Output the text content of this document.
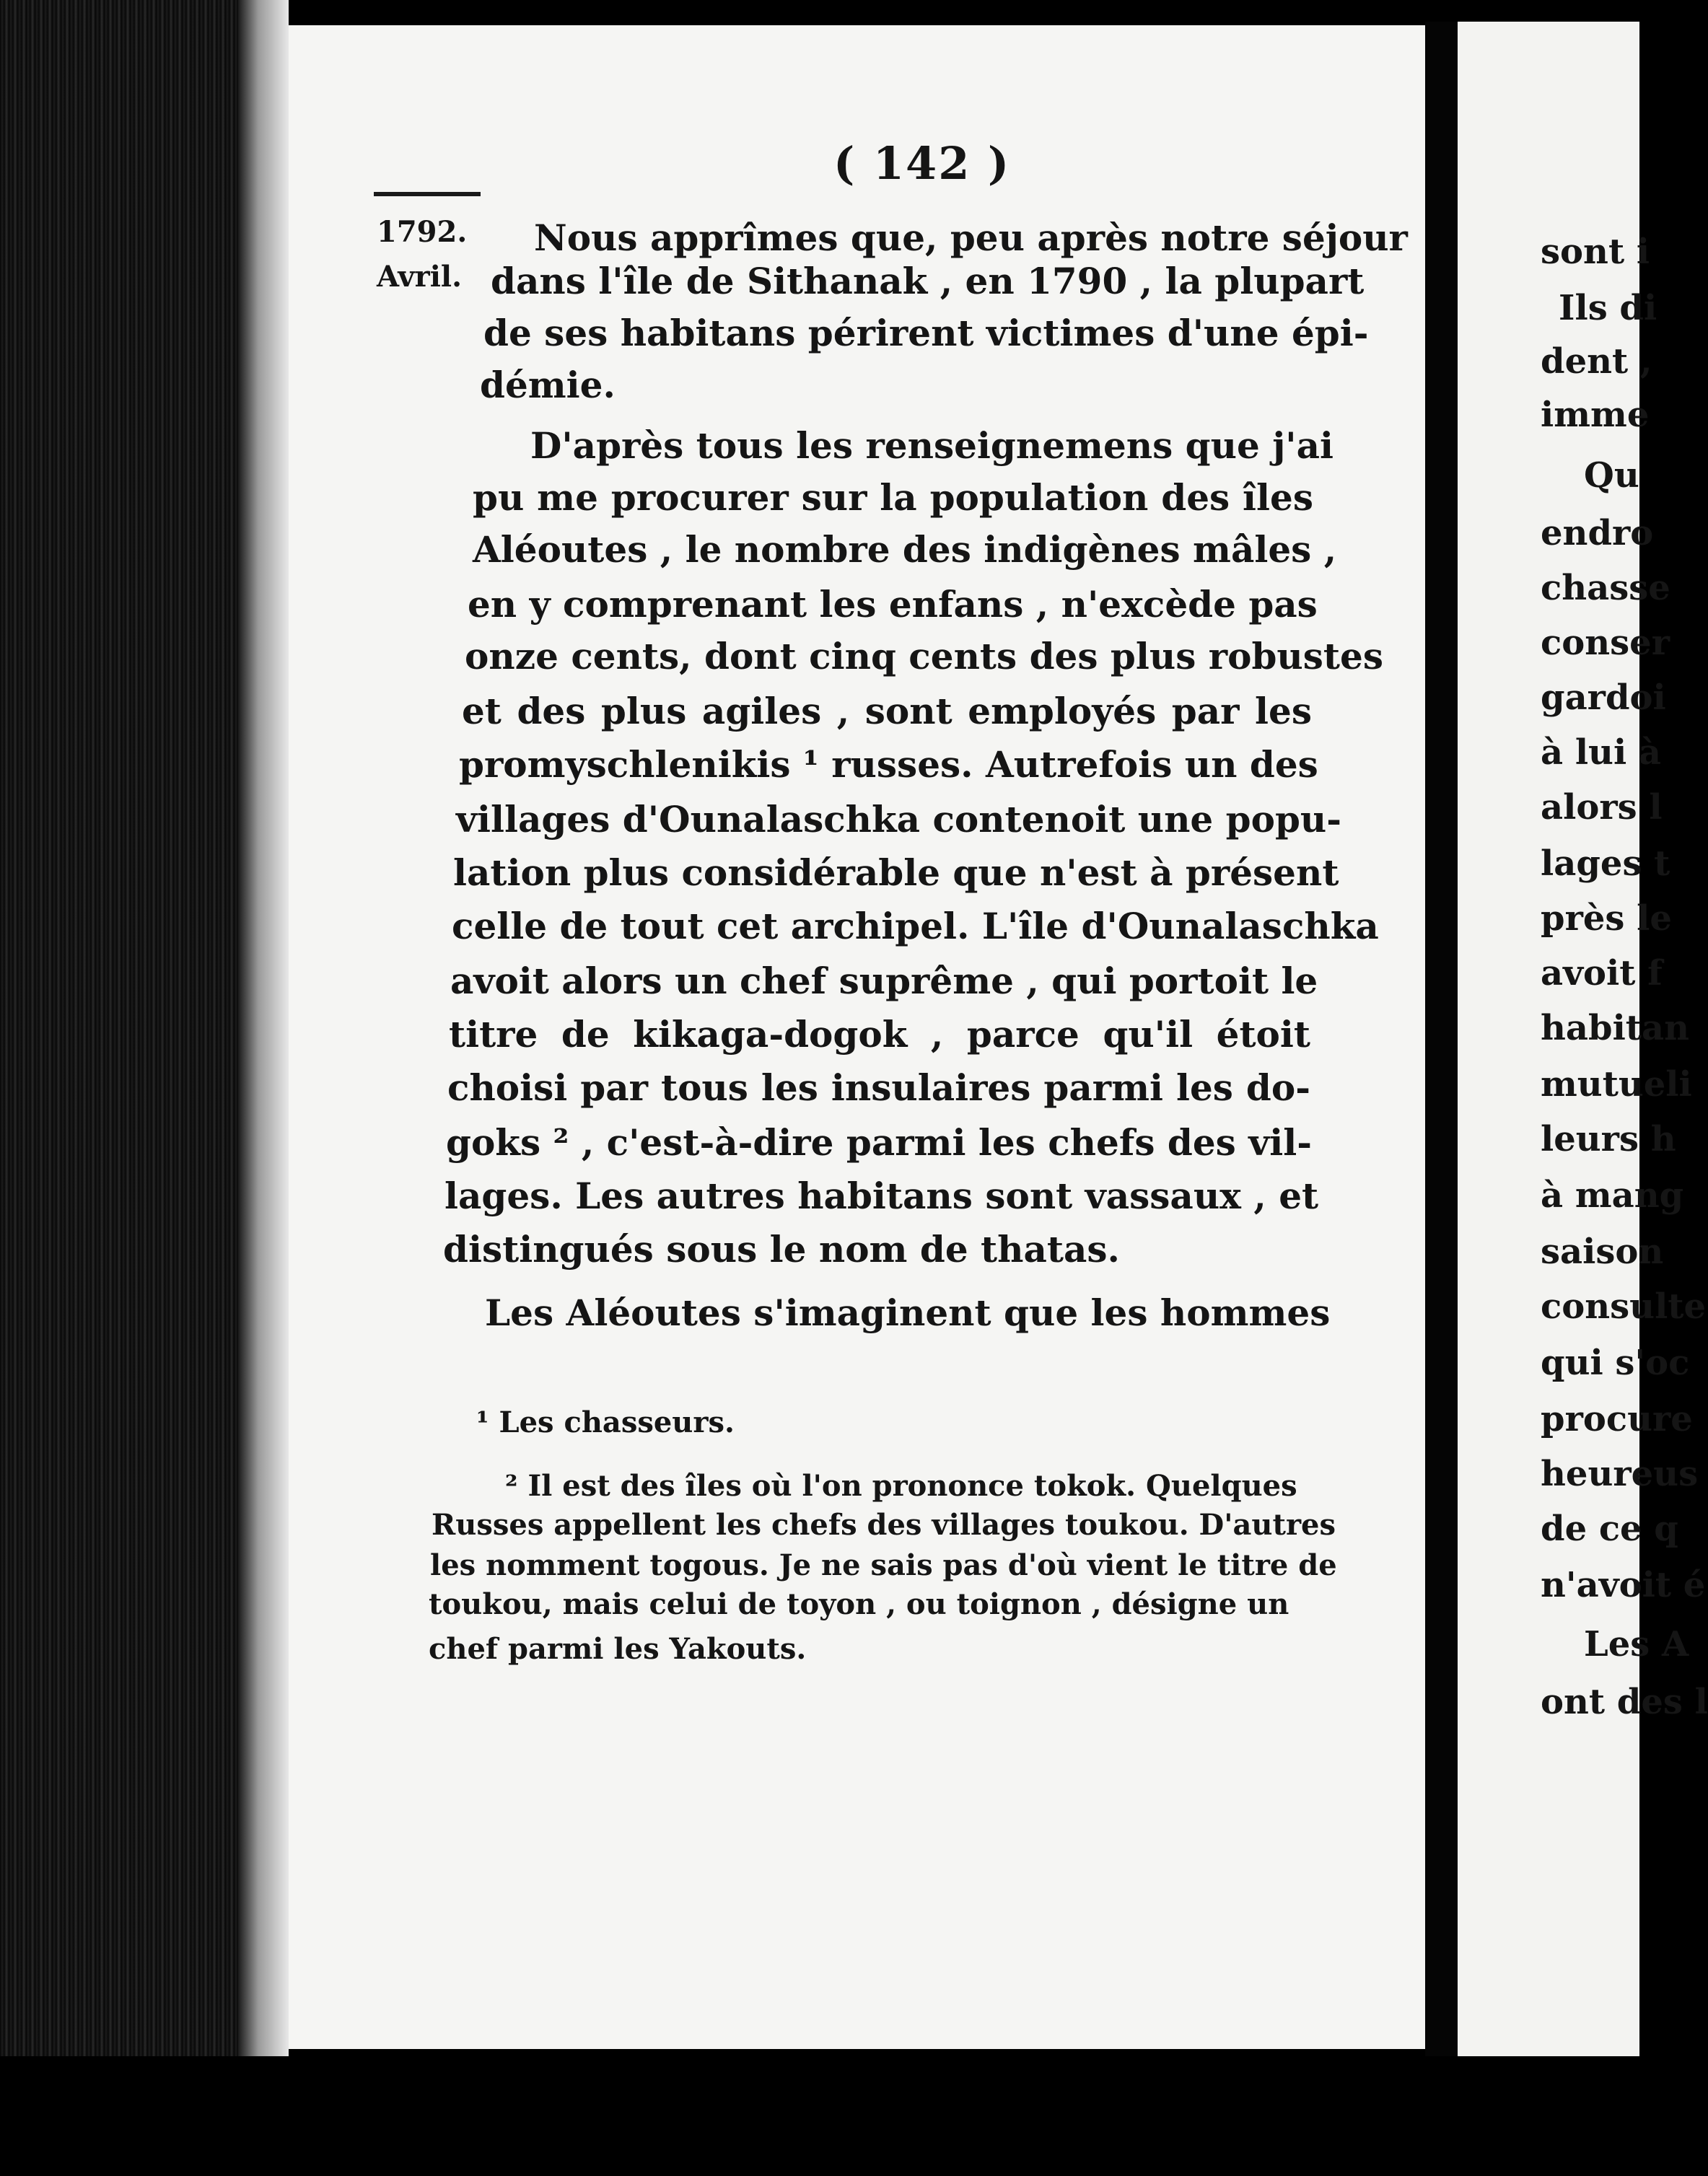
sont i
Ils di
dent ,
imme
Qu
endro
chasse
conser
gardoi
à lui à
alors l
lages t
près le
avoit f
habitan
mutueli
leurs h
à mang
saison
consulte
qui s'oc
procure
heureus
de ce q
n'avoit é
Les A
ont des l
( 142 )
1792.
Avril.
Nous apprîmes que, peu après notre séjour
dans l'île de Sithanak , en 1790 , la plupart
de ses habitans périrent victimes d'une épi-
démie.
D'après tous les renseignemens que j'ai
pu me procurer sur la population des îles
Aléoutes , le nombre des indigènes mâles ,
en y comprenant les enfans , n'excède pas
onze cents, dont cinq cents des plus robustes
et des plus agiles , sont employés par les
promyschlenikis ¹ russes. Autrefois un des
villages d'Ounalaschka contenoit une popu-
lation plus considérable que n'est à présent
celle de tout cet archipel. L'île d'Ounalaschka
avoit alors un chef suprême , qui portoit le
titre de kikaga-dogok , parce qu'il étoit
choisi par tous les insulaires parmi les do-
goks ² , c'est-à-dire parmi les chefs des vil-
lages. Les autres habitans sont vassaux , et
distingués sous le nom de thatas.
Les Aléoutes s'imaginent que les hommes
¹ Les chasseurs.
² Il est des îles où l'on prononce tokok. Quelques
Russes appellent les chefs des villages toukou. D'autres
les nomment togous. Je ne sais pas d'où vient le titre de
toukou, mais celui de toyon , ou toignon , désigne un
chef parmi les Yakouts.
